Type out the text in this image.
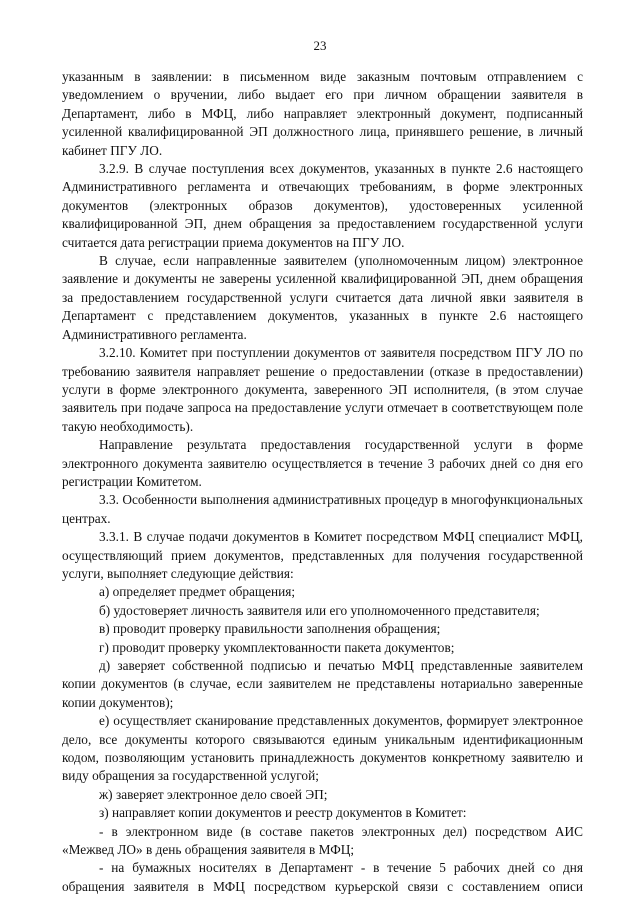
23

указанным в заявлении: в письменном виде заказным почтовым отправлением с уведомлением о вручении, либо выдает его при личном обращении заявителя в Департамент, либо в МФЦ, либо направляет электронный документ, подписанный усиленной квалифицированной ЭП должностного лица, принявшего решение, в личный кабинет ПГУ ЛО.

3.2.9. В случае поступления всех документов, указанных в пункте 2.6 настоящего Административного регламента и отвечающих требованиям, в форме электронных документов (электронных образов документов), удостоверенных усиленной квалифицированной ЭП, днем обращения за предоставлением государственной услуги считается дата регистрации приема документов на ПГУ ЛО.

В случае, если направленные заявителем (уполномоченным лицом) электронное заявление и документы не заверены усиленной квалифицированной ЭП, днем обращения за предоставлением государственной услуги считается дата личной явки заявителя в Департамент с представлением документов, указанных в пункте 2.6 настоящего Административного регламента.

3.2.10. Комитет при поступлении документов от заявителя посредством ПГУ ЛО по требованию заявителя направляет решение о предоставлении (отказе в предоставлении) услуги в форме электронного документа, заверенного ЭП исполнителя, (в этом случае заявитель при подаче запроса на предоставление услуги отмечает в соответствующем поле такую необходимость).

Направление результата предоставления государственной услуги в форме электронного документа заявителю осуществляется в течение 3 рабочих дней со дня его регистрации Комитетом.

3.3. Особенности выполнения административных процедур в многофункциональных центрах.

3.3.1. В случае подачи документов в Комитет посредством МФЦ специалист МФЦ, осуществляющий прием документов, представленных для получения государственной услуги, выполняет следующие действия:

а) определяет предмет обращения;

б) удостоверяет личность заявителя или его уполномоченного представителя;

в) проводит проверку правильности заполнения обращения;

г) проводит проверку укомплектованности пакета документов;

д) заверяет собственной подписью и печатью МФЦ представленные заявителем копии документов (в случае, если заявителем не представлены нотариально заверенные копии документов);

е) осуществляет сканирование представленных документов, формирует электронное дело, все документы которого связываются единым уникальным идентификационным кодом, позволяющим установить принадлежность документов конкретному заявителю и виду обращения за государственной услугой;

ж) заверяет электронное дело своей ЭП;

з) направляет копии документов и реестр документов в Комитет:

- в электронном виде (в составе пакетов электронных дел) посредством АИС «Межвед ЛО» в день обращения заявителя в МФЦ;

- на бумажных носителях в Департамент - в течение 5 рабочих дней со дня обращения заявителя в МФЦ посредством курьерской связи с составлением описи
